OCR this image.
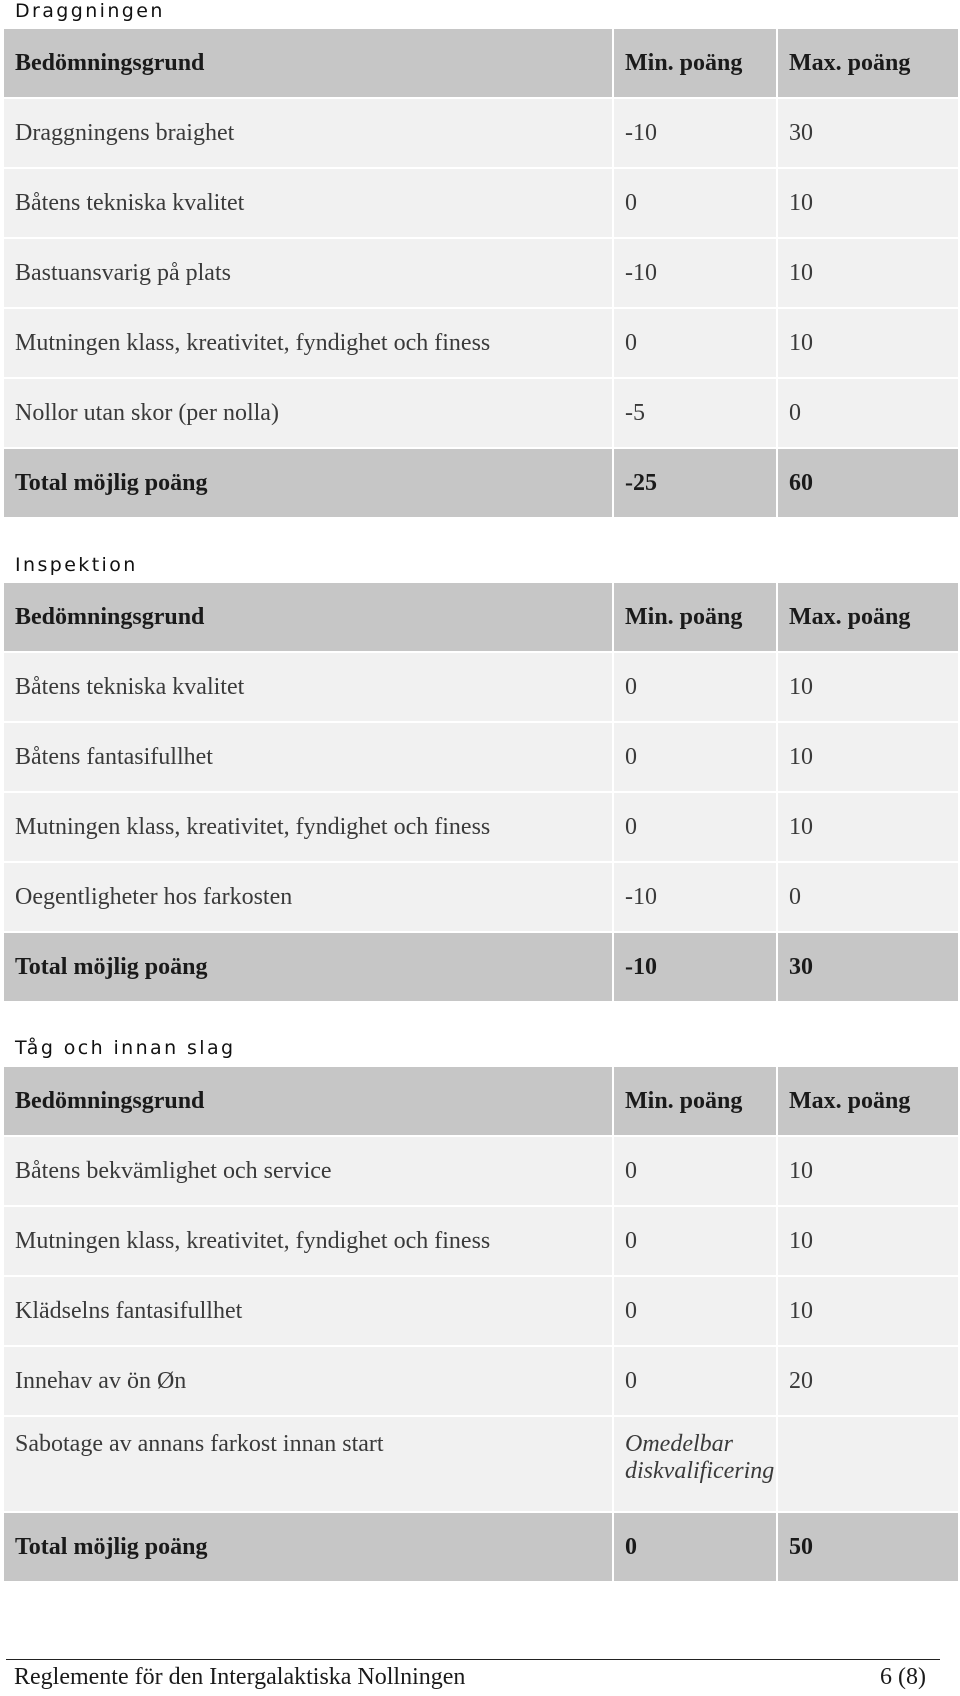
Draggningen
Bedömningsgrund	Min. poäng	Max. poäng
Draggningens braighet	-10	30
Båtens tekniska kvalitet	0	10
Bastuansvarig på plats	-10	10
Mutningen klass, kreativitet, fyndighet och finess	0	10
Nollor utan skor (per nolla)	-5	0
Total möjlig poäng	-25	60
Inspektion
Bedömningsgrund	Min. poäng	Max. poäng
Båtens tekniska kvalitet	0	10
Båtens fantasifullhet	0	10
Mutningen klass, kreativitet, fyndighet och finess	0	10
Oegentligheter hos farkosten	-10	0
Total möjlig poäng	-10	30
Tåg och innan slag
Bedömningsgrund	Min. poäng	Max. poäng
Båtens bekvämlighet och service	0	10
Mutningen klass, kreativitet, fyndighet och finess	0	10
Klädselns fantasifullhet	0	10
Innehav av ön Øn	0	20
Sabotage av annans farkost innan start	Omedelbar diskvalificering	
Total möjlig poäng	0	50
Reglemente för den Intergalaktiska Nollningen	6 (8)
